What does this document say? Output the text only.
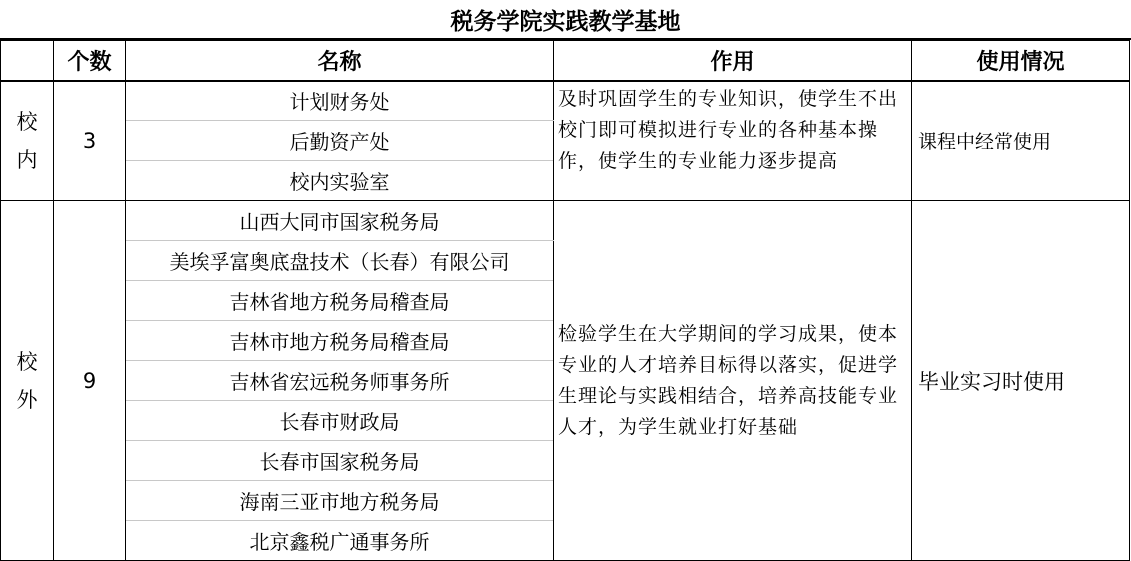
税务学院实践教学基地
	个数	名称	作用	使用情况

校
内	3	计划财务处	及时巩固学生的专业知识，使学生不出校门即可模拟进行专业的各种基本操作，使学生的专业能力逐步提高	课程中经常使用
		后勤资产处		
		校内实验室		

校
外	9	山西大同市国家税务局	检验学生在大学期间的学习成果，使本专业的人才培养目标得以落实，促进学生理论与实践相结合，培养高技能专业人才，为学生就业打好基础	毕业实习时使用
		美埃孚富奥底盘技术（长春）有限公司		
		吉林省地方税务局稽查局		
		吉林市地方税务局稽查局		
		吉林省宏远税务师事务所		
		长春市财政局		
		长春市国家税务局		
		海南三亚市地方税务局		
		北京鑫税广通事务所		
